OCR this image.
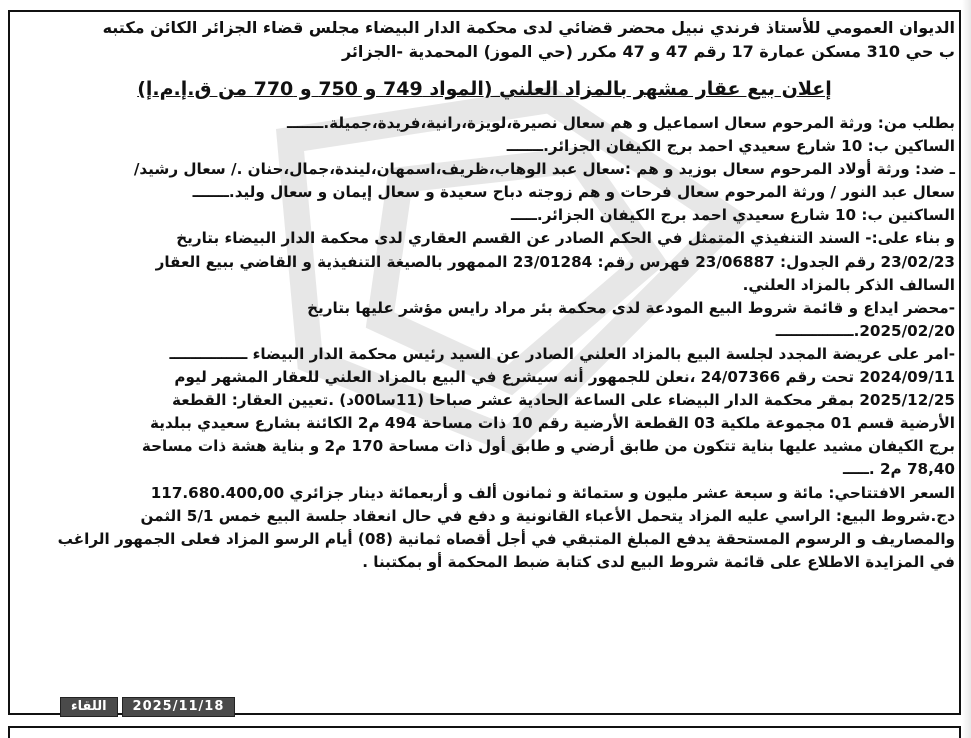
الديوان العمومي للأستاذ فرندي نبيل محضر قضائي لدى محكمة الدار البيضاء مجلس قضاء الجزائر الكائن مكتبه

ب حي 310 مسكن عمارة 17 رقم 47 و 47 مكرر (حي الموز) المحمدية -الجزائر

إعلان بيع عقار مشهر بالمزاد العلني (المواد 749 و 750 و 770 من ق.إ.م.إ)

بطلب من: ورثة المرحوم سعال اسماعيل و هم سعال نصيرة،لويزة،رانية،فريدة،جميلة.ـــــــ

الساكين ب: 10 شارع سعيدي احمد برج الكيفان الجزائر.ـــــــ

ـ ضد: ورثة أولاد المرحوم سعال بوزيد و هم :سعال عبد الوهاب،ظريف،اسمهان،ليندة،جمال،حنان ./ سعال رشيد/

سعال عبد النور / ورثة المرحوم سعال فرحات و هم زوجته دباح سعيدة و سعال إيمان و سعال وليد.ـــــــ

الساكنين ب: 10 شارع سعيدي احمد برج الكيفان الجزائر.ـــــ

و بناء على:- السند التنفيذي المتمثل في الحكم الصادر عن القسم العقاري لدى محكمة الدار البيضاء بتاريخ

23/02/23 رقم الجدول: 23/06887 فهرس رقم: 23/01284 الممهور بالصيغة التنفيذية و القاضي ببيع العقار

السالف الذكر بالمزاد العلني.

-محضر ايداع و قائمة شروط البيع المودعة لدى محكمة بئر مراد رايس مؤشر عليها بتاريخ

2025/02/20.ـــــــــــــــ

-امر على عريضة المجدد لجلسة البيع بالمزاد العلني الصادر عن السيد رئيس محكمة الدار البيضاء ـــــــــــــــ

2024/09/11 تحت رقم 24/07366 ،نعلن للجمهور أنه سيشرع في البيع بالمزاد العلني للعقار المشهر ليوم

2025/12/25 بمقر محكمة الدار البيضاء على الساعة الحادية عشر صباحا (11سا00د) .تعيين العقار: القطعة

الأرضية قسم 01 مجموعة ملكية 03 القطعة الأرضية رقم 10 ذات مساحة 494 م2 الكائنة بشارع سعيدي ببلدية

برج الكيفان مشيد عليها بناية تتكون من طابق أرضي و طابق أول ذات مساحة 170 م2 و بناية هشة ذات مساحة

78,40 م2 .ـــــ

السعر الافتتاحي: مائة و سبعة عشر مليون و ستمائة و ثمانون ألف و أربعمائة دينار جزائري 117.680.400,00

دج.شروط البيع: الراسي عليه المزاد يتحمل الأعباء القانونية و دفع في حال انعقاد جلسة البيع خمس 5/1 الثمن

والمصاريف و الرسوم المستحقة يدفع المبلغ المتبقي في أجل أقصاه ثمانية (08) أيام الرسو المزاد فعلى الجمهور الراغب

في المزايدة الاطلاع على قائمة شروط البيع لدى كتابة ضبط المحكمة أو بمكتبنا .

اللقاء	2025/11/18
